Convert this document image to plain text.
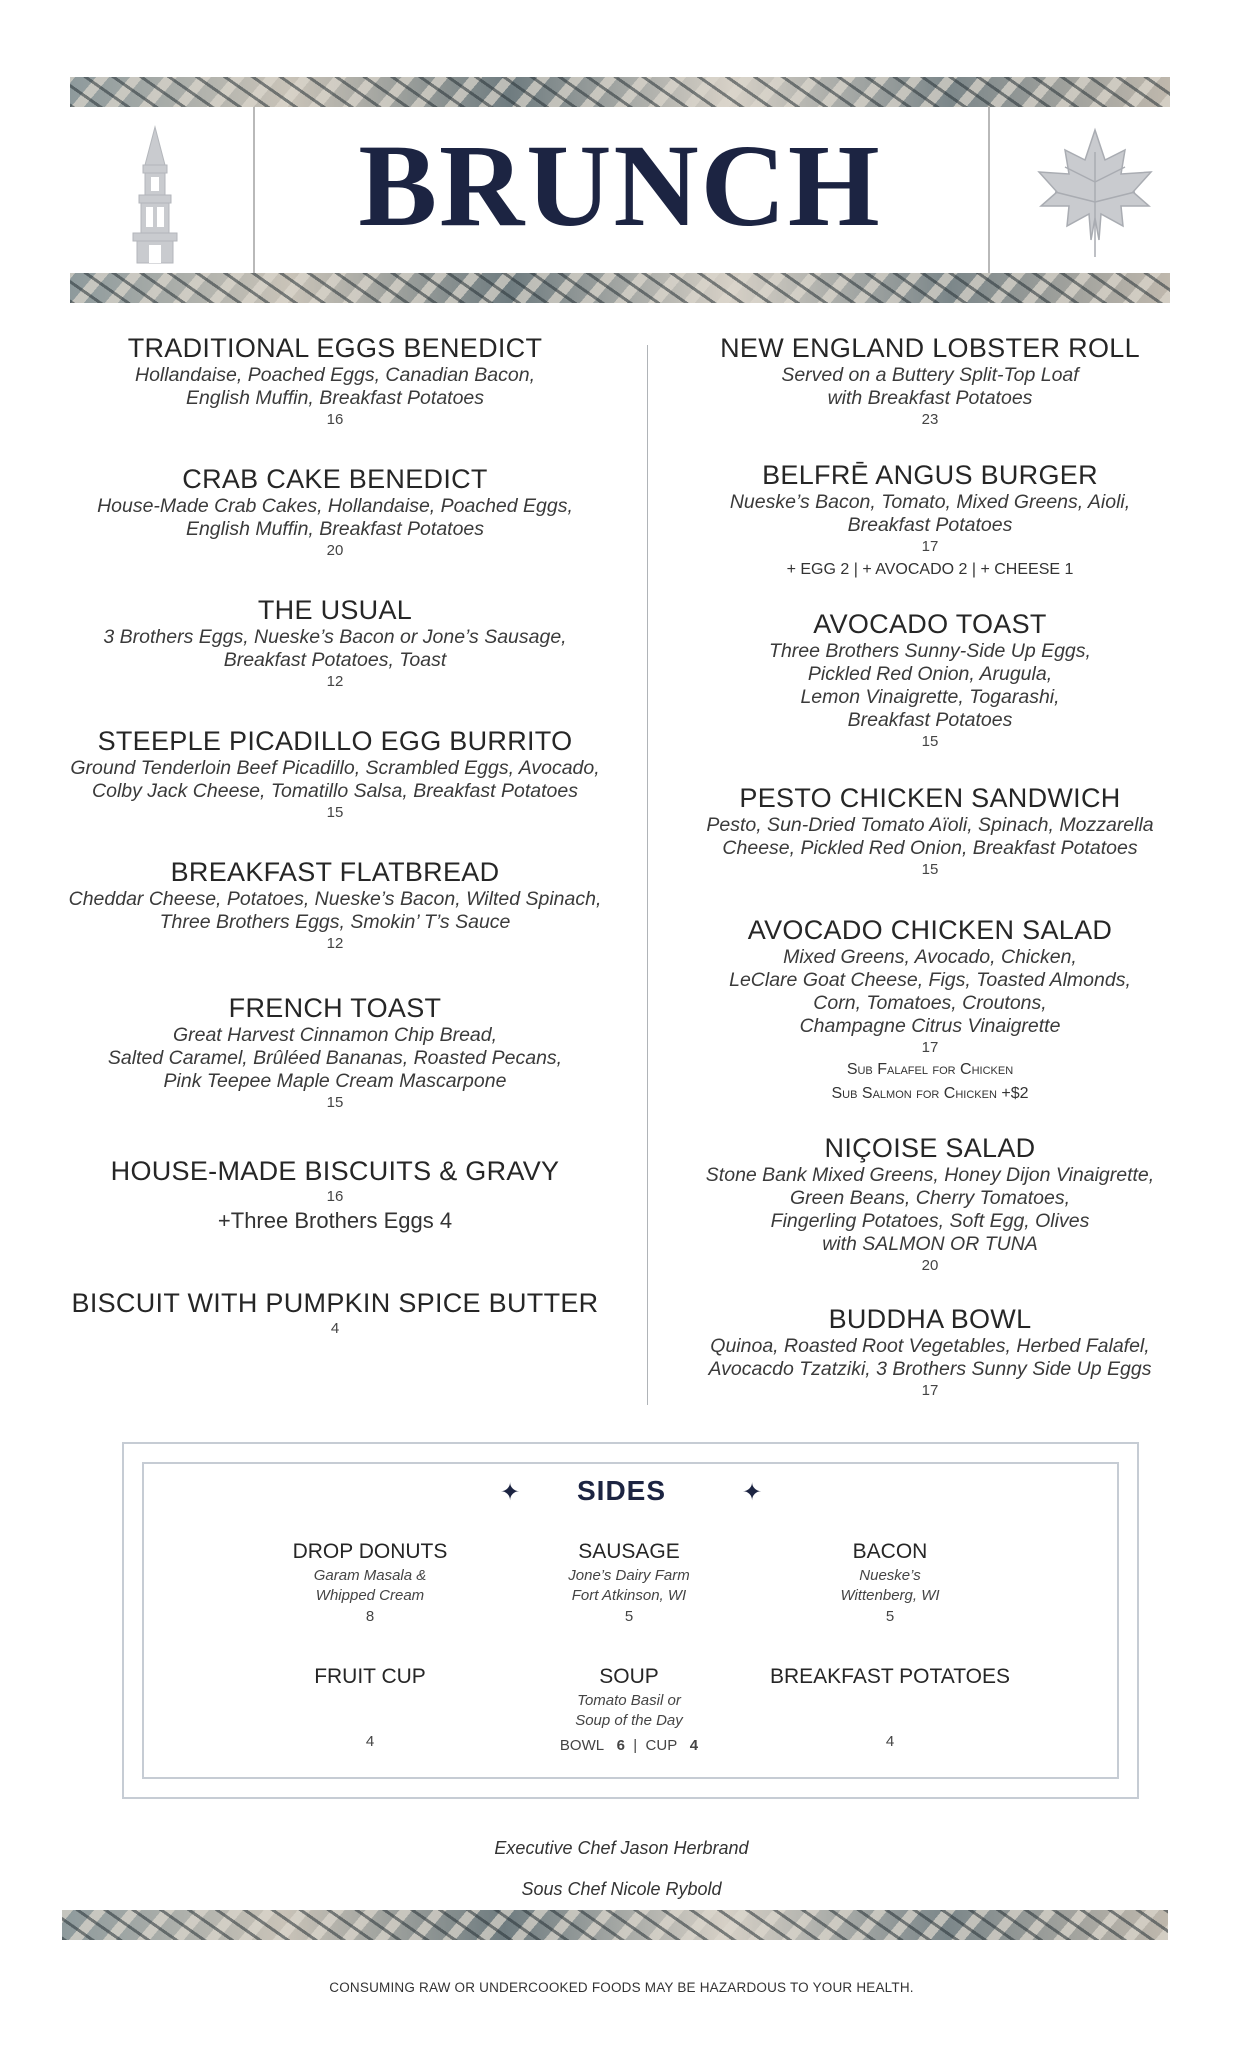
BRUNCH
TRADITIONAL EGGS BENEDICT
Hollandaise, Poached Eggs, Canadian Bacon,
English Muffin, Breakfast Potatoes
16
CRAB CAKE BENEDICT
House-Made Crab Cakes, Hollandaise, Poached Eggs,
English Muffin, Breakfast Potatoes
20
THE USUAL
3 Brothers Eggs, Nueske’s Bacon or Jone’s Sausage,
Breakfast Potatoes, Toast
12
STEEPLE PICADILLO EGG BURRITO
Ground Tenderloin Beef Picadillo, Scrambled Eggs, Avocado,
Colby Jack Cheese, Tomatillo Salsa, Breakfast Potatoes
15
BREAKFAST FLATBREAD
Cheddar Cheese, Potatoes, Nueske’s Bacon, Wilted Spinach,
Three Brothers Eggs, Smokin’ T’s Sauce
12
FRENCH TOAST
Great Harvest Cinnamon Chip Bread,
Salted Caramel, Brûléed Bananas, Roasted Pecans,
Pink Teepee Maple Cream Mascarpone
15
HOUSE-MADE BISCUITS & GRAVY
16
+Three Brothers Eggs 4
BISCUIT WITH PUMPKIN SPICE BUTTER
4
NEW ENGLAND LOBSTER ROLL
Served on a Buttery Split-Top Loaf
with Breakfast Potatoes
23
BELFRĒ ANGUS BURGER
Nueske’s Bacon, Tomato, Mixed Greens, Aioli,
Breakfast Potatoes
17
+ EGG 2 | + AVOCADO 2 | + CHEESE 1
AVOCADO TOAST
Three Brothers Sunny-Side Up Eggs,
Pickled Red Onion, Arugula,
Lemon Vinaigrette, Togarashi,
Breakfast Potatoes
15
PESTO CHICKEN SANDWICH
Pesto, Sun-Dried Tomato Aïoli, Spinach, Mozzarella
Cheese, Pickled Red Onion, Breakfast Potatoes
15
AVOCADO CHICKEN SALAD
Mixed Greens, Avocado, Chicken,
LeClare Goat Cheese, Figs, Toasted Almonds,
Corn, Tomatoes, Croutons,
Champagne Citrus Vinaigrette
17
Sub Falafel for Chicken
Sub Salmon for Chicken +$2
NIÇOISE SALAD
Stone Bank Mixed Greens, Honey Dijon Vinaigrette,
Green Beans, Cherry Tomatoes,
Fingerling Potatoes, Soft Egg, Olives
with SALMON OR TUNA
20
BUDDHA BOWL
Quinoa, Roasted Root Vegetables, Herbed Falafel,
Avocacdo Tzatziki, 3 Brothers Sunny Side Up Eggs
17
✦	SIDES	✦
DROP DONUTS
Garam Masala &
Whipped Cream
8
SAUSAGE
Jone’s Dairy Farm
Fort Atkinson, WI
5
BACON
Nueske’s
Wittenberg, WI
5
FRUIT CUP
4
SOUP
Tomato Basil or
Soup of the Day
BOWL 6 | CUP 4
BREAKFAST POTATOES
4
Executive Chef Jason Herbrand
Sous Chef Nicole Rybold
CONSUMING RAW OR UNDERCOOKED FOODS MAY BE HAZARDOUS TO YOUR HEALTH.
